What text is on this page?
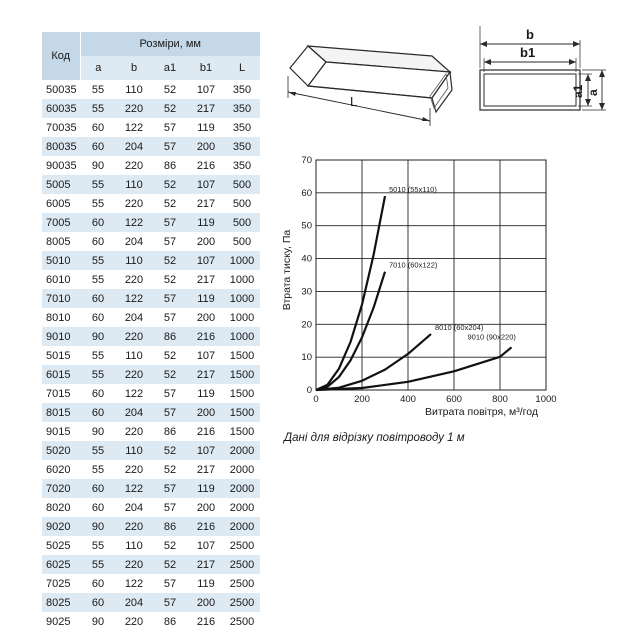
Код	Розміри, мм				
	a	b	a1	b1	L
50035	55	110	52	107	350
60035	55	220	52	217	350
70035	60	122	57	119	350
80035	60	204	57	200	350
90035	90	220	86	216	350
5005	55	110	52	107	500
6005	55	220	52	217	500
7005	60	122	57	119	500
8005	60	204	57	200	500
5010	55	110	52	107	1000
6010	55	220	52	217	1000
7010	60	122	57	119	1000
8010	60	204	57	200	1000
9010	90	220	86	216	1000
5015	55	110	52	107	1500
6015	55	220	52	217	1500
7015	60	122	57	119	1500
8015	60	204	57	200	1500
9015	90	220	86	216	1500
5020	55	110	52	107	2000
6020	55	220	52	217	2000
7020	60	122	57	119	2000
8020	60	204	57	200	2000
9020	90	220	86	216	2000
5025	55	110	52	107	2500
6025	55	220	52	217	2500
7025	60	122	57	119	2500
8025	60	204	57	200	2500
9025	90	220	86	216	2500
L
b
b1
a1 a
10
20
30
40
50
60
70
0
0	200	400	600	800	1000
5010 (55x110)
7010 (60x122)
8010 (60x204)
9010 (90x220)
Втрата тиску, Па
Витрата повітря, м³/год
Дані для відрізку повітроводу 1 м
